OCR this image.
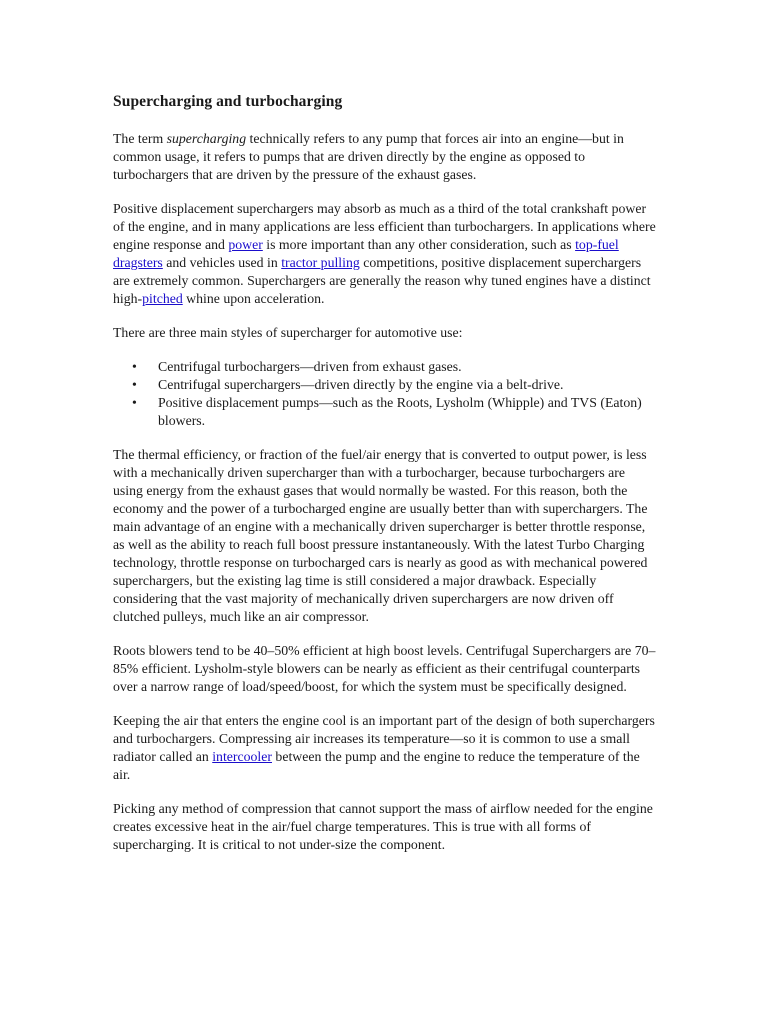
Supercharging and turbocharging

The term supercharging technically refers to any pump that forces air into an engine—but in common usage, it refers to pumps that are driven directly by the engine as opposed to turbochargers that are driven by the pressure of the exhaust gases.

Positive displacement superchargers may absorb as much as a third of the total crankshaft power of the engine, and in many applications are less efficient than turbochargers. In applications where engine response and power is more important than any other consideration, such as top-fuel dragsters and vehicles used in tractor pulling competitions, positive displacement superchargers are extremely common. Superchargers are generally the reason why tuned engines have a distinct high-pitched whine upon acceleration.

There are three main styles of supercharger for automotive use:

• Centrifugal turbochargers—driven from exhaust gases.
• Centrifugal superchargers—driven directly by the engine via a belt-drive.
• Positive displacement pumps—such as the Roots, Lysholm (Whipple) and TVS (Eaton) blowers.

The thermal efficiency, or fraction of the fuel/air energy that is converted to output power, is less with a mechanically driven supercharger than with a turbocharger, because turbochargers are using energy from the exhaust gases that would normally be wasted. For this reason, both the economy and the power of a turbocharged engine are usually better than with superchargers. The main advantage of an engine with a mechanically driven supercharger is better throttle response, as well as the ability to reach full boost pressure instantaneously. With the latest Turbo Charging technology, throttle response on turbocharged cars is nearly as good as with mechanical powered superchargers, but the existing lag time is still considered a major drawback. Especially considering that the vast majority of mechanically driven superchargers are now driven off clutched pulleys, much like an air compressor.

Roots blowers tend to be 40–50% efficient at high boost levels. Centrifugal Superchargers are 70–85% efficient. Lysholm-style blowers can be nearly as efficient as their centrifugal counterparts over a narrow range of load/speed/boost, for which the system must be specifically designed.

Keeping the air that enters the engine cool is an important part of the design of both superchargers and turbochargers. Compressing air increases its temperature—so it is common to use a small radiator called an intercooler between the pump and the engine to reduce the temperature of the air.

Picking any method of compression that cannot support the mass of airflow needed for the engine creates excessive heat in the air/fuel charge temperatures. This is true with all forms of supercharging. It is critical to not under-size the component.
